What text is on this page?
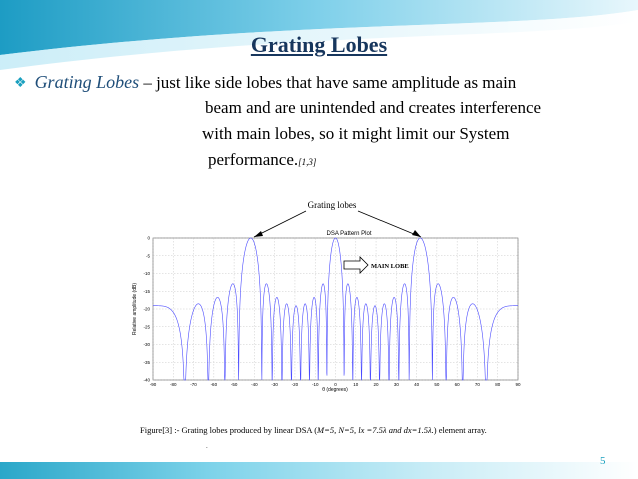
Grating Lobes
❖ Grating Lobes – just like side lobes that have same amplitude as main
beam and are unintended and creates interference
with main lobes, so it might limit our System
performance.[1,3]
Grating lobes
DSA Pattern Plot
0
-5
-10
-15
-20
-25
-30
-35
-40
-90	-80	-70	-60	-50	-40	-30	-20	-10	0	10	20	30	40	50	60	70	80	90
Relative amplitude (dB)
θ (degrees)
MAIN LOBE
Figure[3] :- Grating lobes produced by linear DSA (M=5, N=5, lx =7.5λ and dx=1.5λ.) element array.
.
5
